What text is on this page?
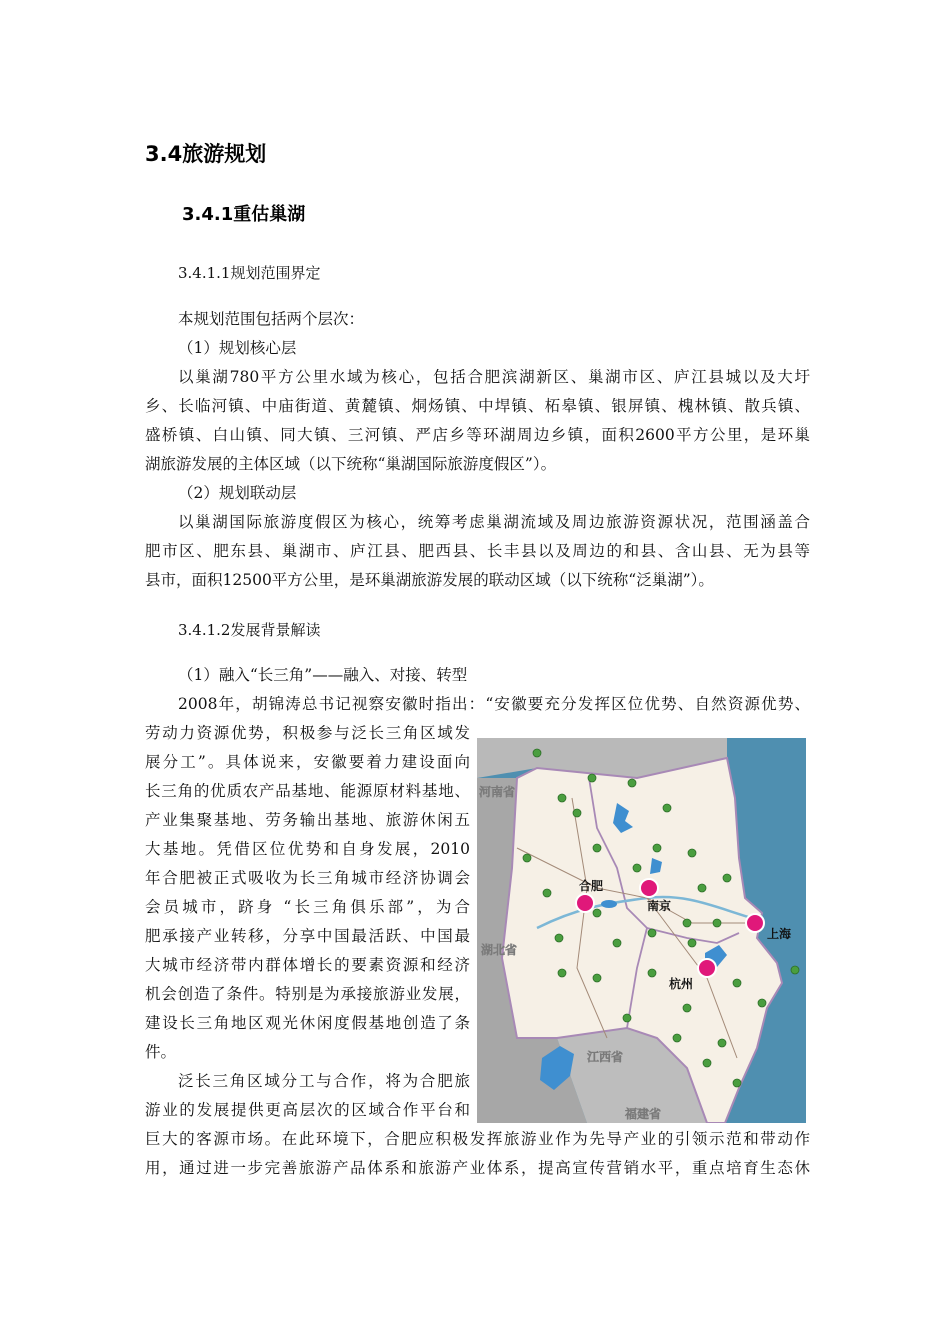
3.4旅游规划
3.4.1重估巢湖
3.4.1.1规划范围界定
本规划范围包括两个层次：
（1）规划核心层
以巢湖780平方公里水域为核心，包括合肥滨湖新区、巢湖市区、庐江县城以及大圩
乡、长临河镇、中庙街道、黄麓镇、烔炀镇、中垾镇、柘皋镇、银屏镇、槐林镇、散兵镇、
盛桥镇、白山镇、同大镇、三河镇、严店乡等环湖周边乡镇，面积2600平方公里，是环巢
湖旅游发展的主体区域（以下统称“巢湖国际旅游度假区”）。
（2）规划联动层
以巢湖国际旅游度假区为核心，统筹考虑巢湖流域及周边旅游资源状况，范围涵盖合
肥市区、肥东县、巢湖市、庐江县、肥西县、长丰县以及周边的和县、含山县、无为县等
县市，面积12500平方公里，是环巢湖旅游发展的联动区域（以下统称“泛巢湖”）。
3.4.1.2发展背景解读
（1）融入“长三角”——融入、对接、转型
2008年，胡锦涛总书记视察安徽时指出：“安徽要充分发挥区位优势、自然资源优势、
劳动力资源优势，积极参与泛长三角区域发
展分工”。具体说来，安徽要着力建设面向
长三角的优质农产品基地、能源原材料基地、
产业集聚基地、劳务输出基地、旅游休闲五
大基地。凭借区位优势和自身发展，2010
年合肥被正式吸收为长三角城市经济协调会
会员城市，跻身 “长三角俱乐部”，为合
肥承接产业转移，分享中国最活跃、中国最
大城市经济带内群体增长的要素资源和经济
机会创造了条件。特别是为承接旅游业发展，
建设长三角地区观光休闲度假基地创造了条
件。
泛长三角区域分工与合作，将为合肥旅
游业的发展提供更高层次的区域合作平台和
巨大的客源市场。在此环境下，合肥应积极发挥旅游业作为先导产业的引领示范和带动作
用，通过进一步完善旅游产品体系和旅游产业体系，提高宣传营销水平，重点培育生态休
合肥
南京
上海
杭州
河南省
湖北省
江西省
福建省
